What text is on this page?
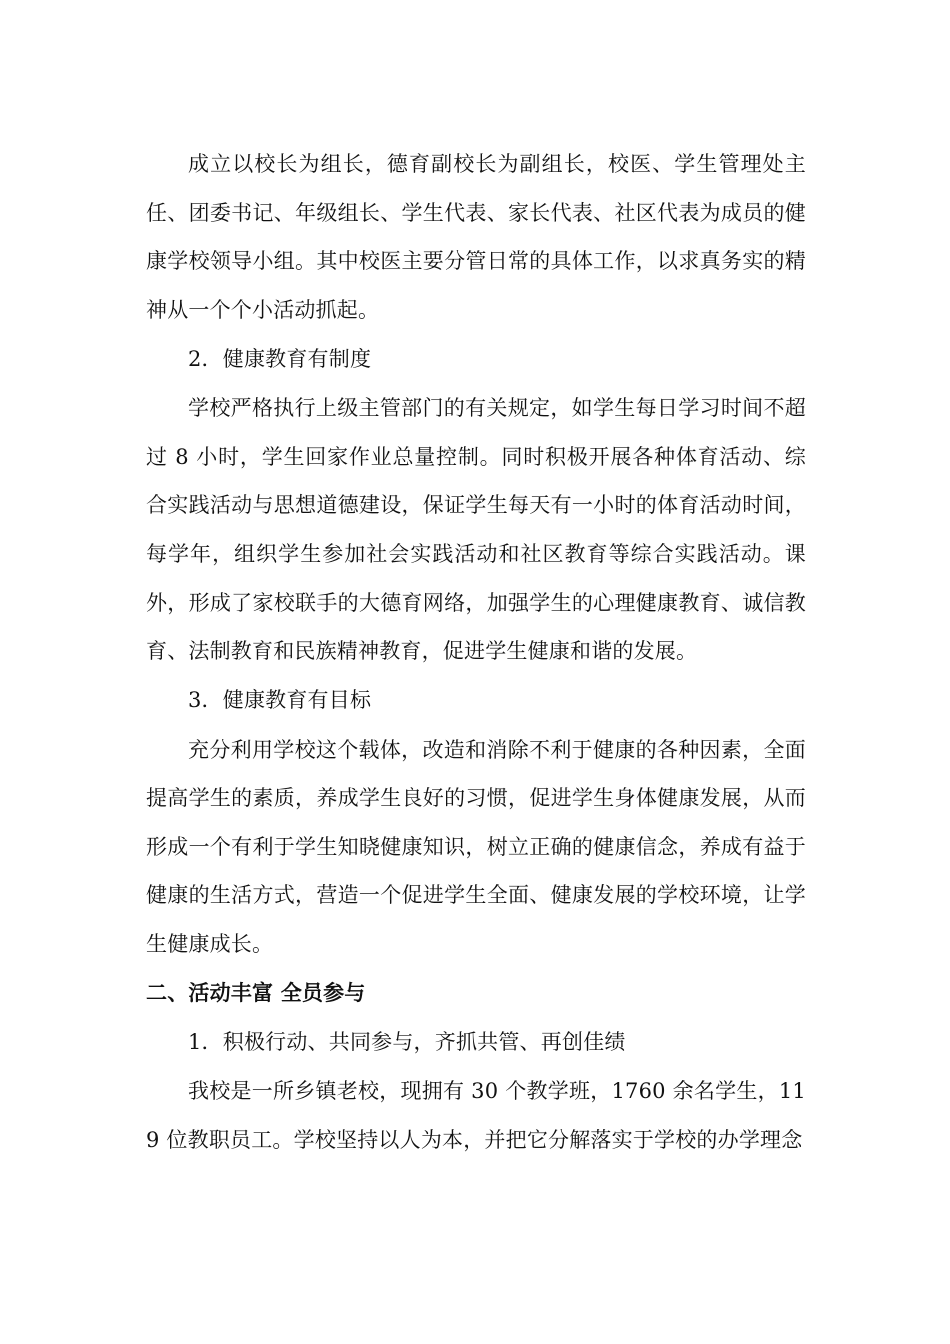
成立以校长为组长，德育副校长为副组长，校医、学生管理处主任、团委书记、年级组长、学生代表、家长代表、社区代表为成员的健康学校领导小组。其中校医主要分管日常的具体工作，以求真务实的精神从一个个小活动抓起。

2．健康教育有制度

学校严格执行上级主管部门的有关规定，如学生每日学习时间不超过 8 小时，学生回家作业总量控制。同时积极开展各种体育活动、综合实践活动与思想道德建设，保证学生每天有一小时的体育活动时间，每学年，组织学生参加社会实践活动和社区教育等综合实践活动。课外，形成了家校联手的大德育网络，加强学生的心理健康教育、诚信教育、法制教育和民族精神教育，促进学生健康和谐的发展。

3．健康教育有目标

充分利用学校这个载体，改造和消除不利于健康的各种因素，全面提高学生的素质，养成学生良好的习惯，促进学生身体健康发展，从而形成一个有利于学生知晓健康知识，树立正确的健康信念，养成有益于健康的生活方式，营造一个促进学生全面、健康发展的学校环境，让学生健康成长。

二、活动丰富 全员参与

1．积极行动、共同参与，齐抓共管、再创佳绩

我校是一所乡镇老校，现拥有 30 个教学班，1760 余名学生，119 位教职员工。学校坚持以人为本，并把它分解落实于学校的办学理念
